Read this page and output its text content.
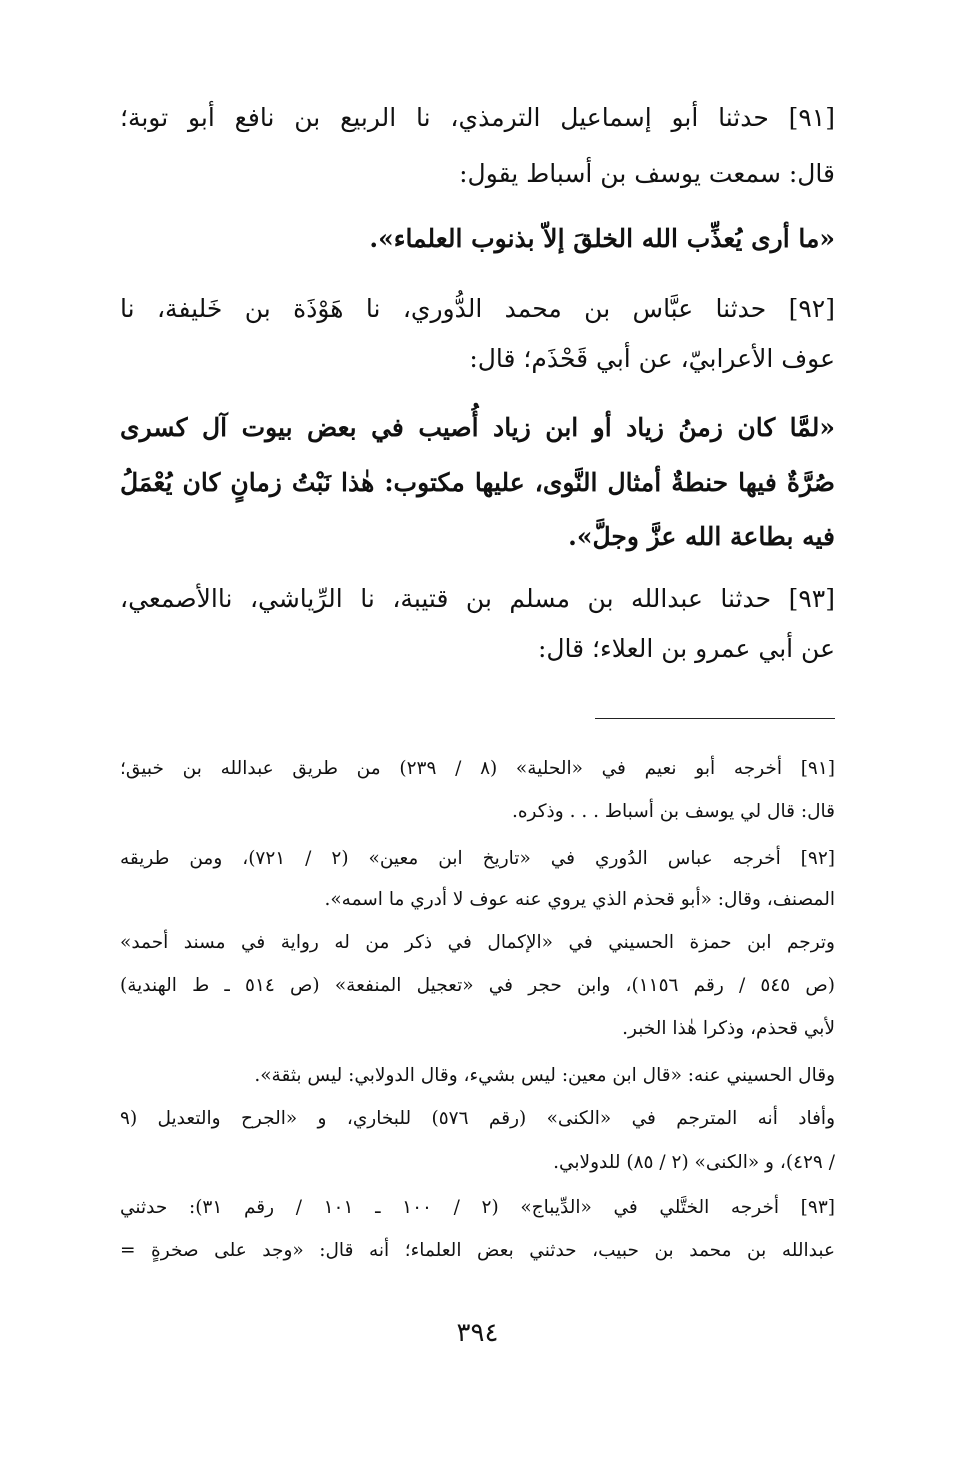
[٩١] حدثنا أبو إسماعيل الترمذي، نا الربيع بن نافع أبو توبة؛
قال: سمعت يوسف بن أسباط يقول:
«ما أرى يُعذِّب الله الخلقَ إلاّ بذنوب العلماء».
[٩٢] حدثنا عبَّاس بن محمد الدُّوري، نا هَوْذَة بن خَليفة، نا
عوف الأعرابيّ، عن أبي قَحْذَم؛ قال:
«لمَّا كان زمنُ زياد أو ابن زياد أُصيب في بعض بيوت آل كسرى
صُرَّةٌ فيها حنطةٌ أمثال النَّوى، عليها مكتوب: هٰذا نَبْتُ زمانٍ كان يُعْمَلُ
فيه بطاعة الله عزَّ وجلَّ».
[٩٣] حدثنا عبدالله بن مسلم بن قتيبة، نا الرِّياشي، ناالأصمعي،
عن أبي عمرو بن العلاء؛ قال:
[٩١] أخرجه أبو نعيم في «الحلية» (٨ / ٢٣٩) من طريق عبدالله بن خبيق؛
قال: قال لي يوسف بن أسباط . . . وذكره.
[٩٢] أخرجه عباس الدُوري في «تاريخ ابن معين» (٢ / ٧٢١)، ومن طريقه
المصنف، وقال: «أبو قحذم الذي يروي عنه عوف لا أدري ما اسمه».
وترجم ابن حمزة الحسيني في «الإكمال في ذكر من له رواية في مسند أحمد»
(ص ٥٤٥ / رقم ١١٥٦)، وابن حجر في «تعجيل المنفعة» (ص ٥١٤ ـ ط الهندية)
لأبي قحذم، وذكرا هٰذا الخبر.
وقال الحسيني عنه: «قال ابن معين: ليس بشيء، وقال الدولابي: ليس بثقة».
وأفاد أنه المترجم في «الكنى» (رقم ٥٧٦) للبخاري، و «الجرح والتعديل (٩
/ ٤٢٩)، و «الكنى» (٢ / ٨٥) للدولابي.
[٩٣] أخرجه الختَّلي في «الدِّيباج» (٢ / ١٠٠ ـ ١٠١ / رقم ٣١): حدثني
عبدالله بن محمد بن حبيب، حدثني بعض العلماء؛ أنه قال: «وجد على صخرةٍ =
٣٩٤
